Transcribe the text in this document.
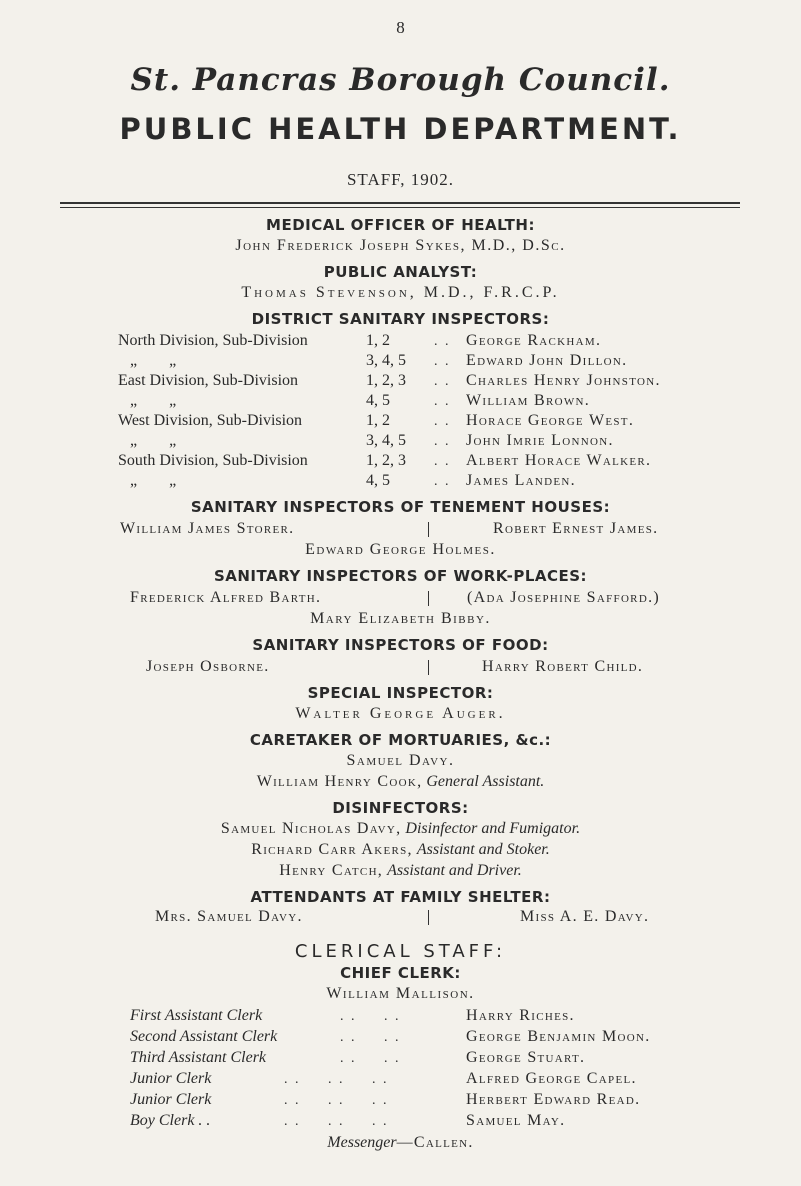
8
St. Pancras Borough Council.
PUBLIC HEALTH DEPARTMENT.
STAFF, 1902.
MEDICAL OFFICER OF HEALTH:
John Frederick Joseph Sykes, M.D., D.Sc.
PUBLIC ANALYST:
Thomas Stevenson, M.D., F.R.C.P.
DISTRICT SANITARY INSPECTORS:
North Division, Sub-Division	1, 2	. . George Rackham.
„ „	3, 4, 5 . . Edward John Dillon.
East Division, Sub-Division	1, 2, 3 . . Charles Henry Johnston.
„ „	4, 5	. . William Brown.
West Division, Sub-Division	1, 2	. . Horace George West.
„ „	3, 4, 5 . . John Imrie Lonnon.
South Division, Sub-Division	1, 2, 3 . . Albert Horace Walker.
„ „	4, 5	. . James Landen.
SANITARY INSPECTORS OF TENEMENT HOUSES:
William James Storer.	Robert Ernest James.
Edward George Holmes.
SANITARY INSPECTORS OF WORK-PLACES:
Frederick Alfred Barth.	(Ada Josephine Safford.)
Mary Elizabeth Bibby.
SANITARY INSPECTORS OF FOOD:
Joseph Osborne.	Harry Robert Child.
SPECIAL INSPECTOR:
Walter George Auger.
CARETAKER OF MORTUARIES, &c.:
Samuel Davy.
William Henry Cook, General Assistant.
DISINFECTORS:
Samuel Nicholas Davy, Disinfector and Fumigator.
Richard Carr Akers, Assistant and Stoker.
Henry Catch, Assistant and Driver.
ATTENDANTS AT FAMILY SHELTER:
Mrs. Samuel Davy.	Miss A. E. Davy.
CLERICAL STAFF:
CHIEF CLERK:
William Mallison.
First Assistant Clerk	. .     . .	Harry Riches.
Second Assistant Clerk	. .     . .	George Benjamin Moon.
Third Assistant Clerk	. .     . .	George Stuart.
Junior Clerk	. .     . .     . .	Alfred George Capel.
Junior Clerk	. .     . .     . .	Herbert Edward Read.
Boy Clerk . .	. .     . .     . .	Samuel May.
Messenger—Callen.
